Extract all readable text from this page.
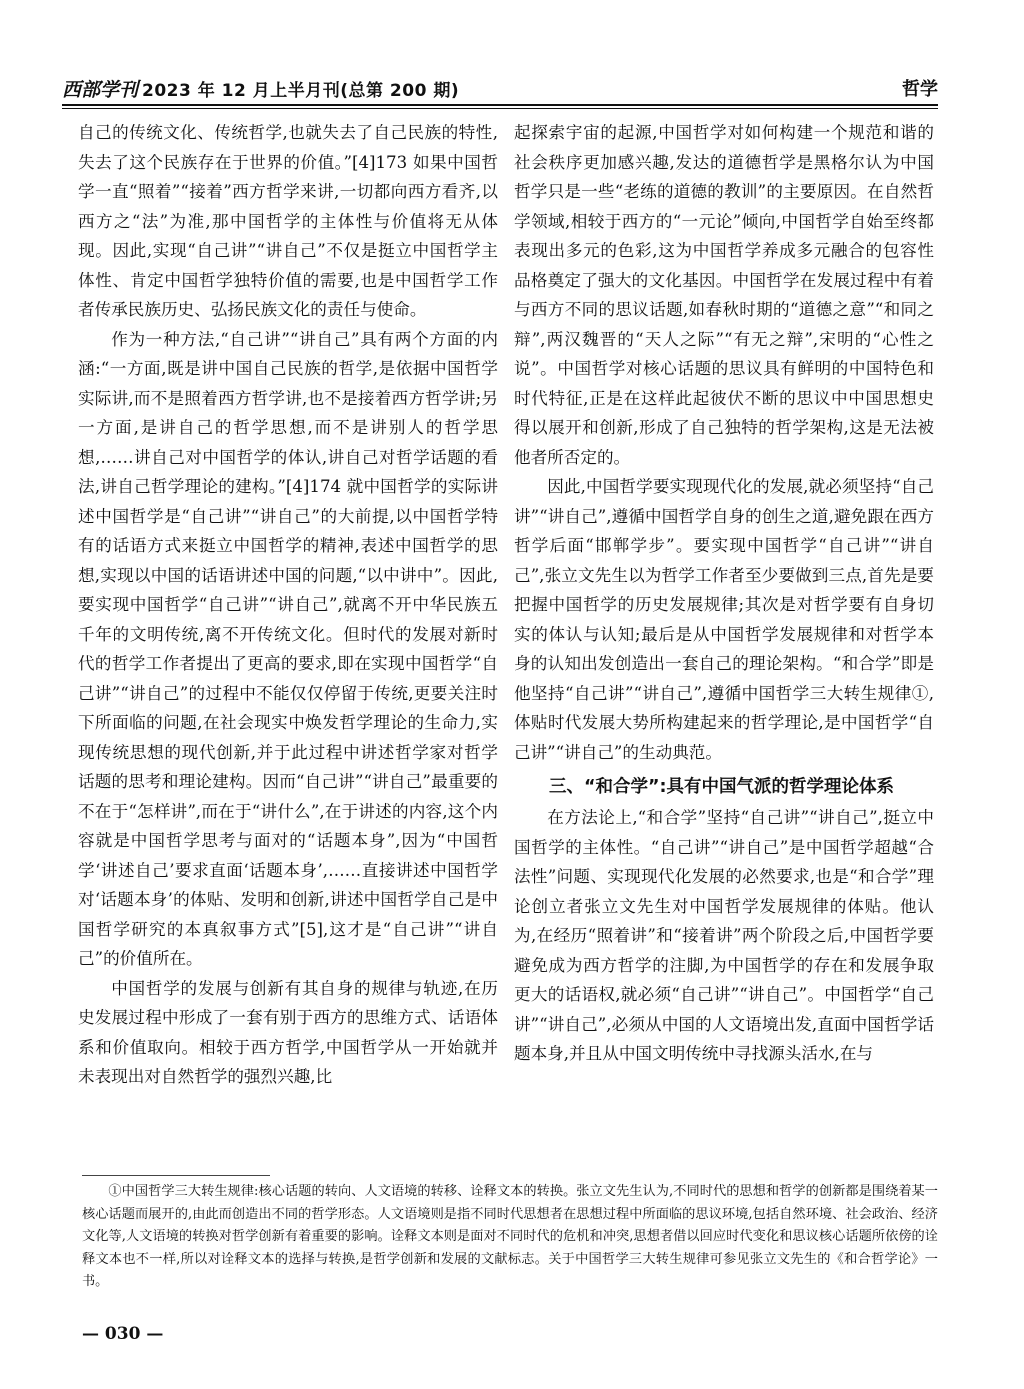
西部学刊 2023 年 12 月上半月刊(总第 200 期)	哲学

自己的传统文化、传统哲学,也就失去了自己民族的特性,失去了这个民族存在于世界的价值。”[4]173 如果中国哲学一直“照着”“接着”西方哲学来讲,一切都向西方看齐,以西方之“法”为准,那中国哲学的主体性与价值将无从体现。因此,实现“自己讲”“讲自己”不仅是挺立中国哲学主体性、肯定中国哲学独特价值的需要,也是中国哲学工作者传承民族历史、弘扬民族文化的责任与使命。

作为一种方法,“自己讲”“讲自己”具有两个方面的内涵:“一方面,既是讲中国自己民族的哲学,是依据中国哲学实际讲,而不是照着西方哲学讲,也不是接着西方哲学讲;另一方面,是讲自己的哲学思想,而不是讲别人的哲学思想,……讲自己对中国哲学的体认,讲自己对哲学话题的看法,讲自己哲学理论的建构。”[4]174 就中国哲学的实际讲述中国哲学是“自己讲”“讲自己”的大前提,以中国哲学特有的话语方式来挺立中国哲学的精神,表述中国哲学的思想,实现以中国的话语讲述中国的问题,“以中讲中”。因此,要实现中国哲学“自己讲”“讲自己”,就离不开中华民族五千年的文明传统,离不开传统文化。但时代的发展对新时代的哲学工作者提出了更高的要求,即在实现中国哲学“自己讲”“讲自己”的过程中不能仅仅停留于传统,更要关注时下所面临的问题,在社会现实中焕发哲学理论的生命力,实现传统思想的现代创新,并于此过程中讲述哲学家对哲学话题的思考和理论建构。因而“自己讲”“讲自己”最重要的不在于“怎样讲”,而在于“讲什么”,在于讲述的内容,这个内容就是中国哲学思考与面对的“话题本身”,因为“中国哲学‘讲述自己’要求直面‘话题本身’,……直接讲述中国哲学对‘话题本身’的体贴、发明和创新,讲述中国哲学自己是中国哲学研究的本真叙事方式”[5],这才是“自己讲”“讲自己”的价值所在。

中国哲学的发展与创新有其自身的规律与轨迹,在历史发展过程中形成了一套有别于西方的思维方式、话语体系和价值取向。相较于西方哲学,中国哲学从一开始就并未表现出对自然哲学的强烈兴趣,比

起探索宇宙的起源,中国哲学对如何构建一个规范和谐的社会秩序更加感兴趣,发达的道德哲学是黑格尔认为中国哲学只是一些“老练的道德的教训”的主要原因。在自然哲学领域,相较于西方的“一元论”倾向,中国哲学自始至终都表现出多元的色彩,这为中国哲学养成多元融合的包容性品格奠定了强大的文化基因。中国哲学在发展过程中有着与西方不同的思议话题,如春秋时期的“道德之意”“和同之辩”,两汉魏晋的“天人之际”“有无之辩”,宋明的“心性之说”。中国哲学对核心话题的思议具有鲜明的中国特色和时代特征,正是在这样此起彼伏不断的思议中中国思想史得以展开和创新,形成了自己独特的哲学架构,这是无法被他者所否定的。

因此,中国哲学要实现现代化的发展,就必须坚持“自己讲”“讲自己”,遵循中国哲学自身的创生之道,避免跟在西方哲学后面“邯郸学步”。要实现中国哲学“自己讲”“讲自己”,张立文先生以为哲学工作者至少要做到三点,首先是要把握中国哲学的历史发展规律;其次是对哲学要有自身切实的体认与认知;最后是从中国哲学发展规律和对哲学本身的认知出发创造出一套自己的理论架构。“和合学”即是他坚持“自己讲”“讲自己”,遵循中国哲学三大转生规律①,体贴时代发展大势所构建起来的哲学理论,是中国哲学“自己讲”“讲自己”的生动典范。

三、“和合学”:具有中国气派的哲学理论体系

在方法论上,“和合学”坚持“自己讲”“讲自己”,挺立中国哲学的主体性。“自己讲”“讲自己”是中国哲学超越“合法性”问题、实现现代化发展的必然要求,也是“和合学”理论创立者张立文先生对中国哲学发展规律的体贴。他认为,在经历“照着讲”和“接着讲”两个阶段之后,中国哲学要避免成为西方哲学的注脚,为中国哲学的存在和发展争取更大的话语权,就必须“自己讲”“讲自己”。中国哲学“自己讲”“讲自己”,必须从中国的人文语境出发,直面中国哲学话题本身,并且从中国文明传统中寻找源头活水,在与

①中国哲学三大转生规律:核心话题的转向、人文语境的转移、诠释文本的转换。张立文先生认为,不同时代的思想和哲学的创新都是围绕着某一核心话题而展开的,由此而创造出不同的哲学形态。人文语境则是指不同时代思想者在思想过程中所面临的思议环境,包括自然环境、社会政治、经济文化等,人文语境的转换对哲学创新有着重要的影响。诠释文本则是面对不同时代的危机和冲突,思想者借以回应时代变化和思议核心话题所依傍的诠释文本也不一样,所以对诠释文本的选择与转换,是哲学创新和发展的文献标志。关于中国哲学三大转生规律可参见张立文先生的《和合哲学论》一书。

— 030 —
